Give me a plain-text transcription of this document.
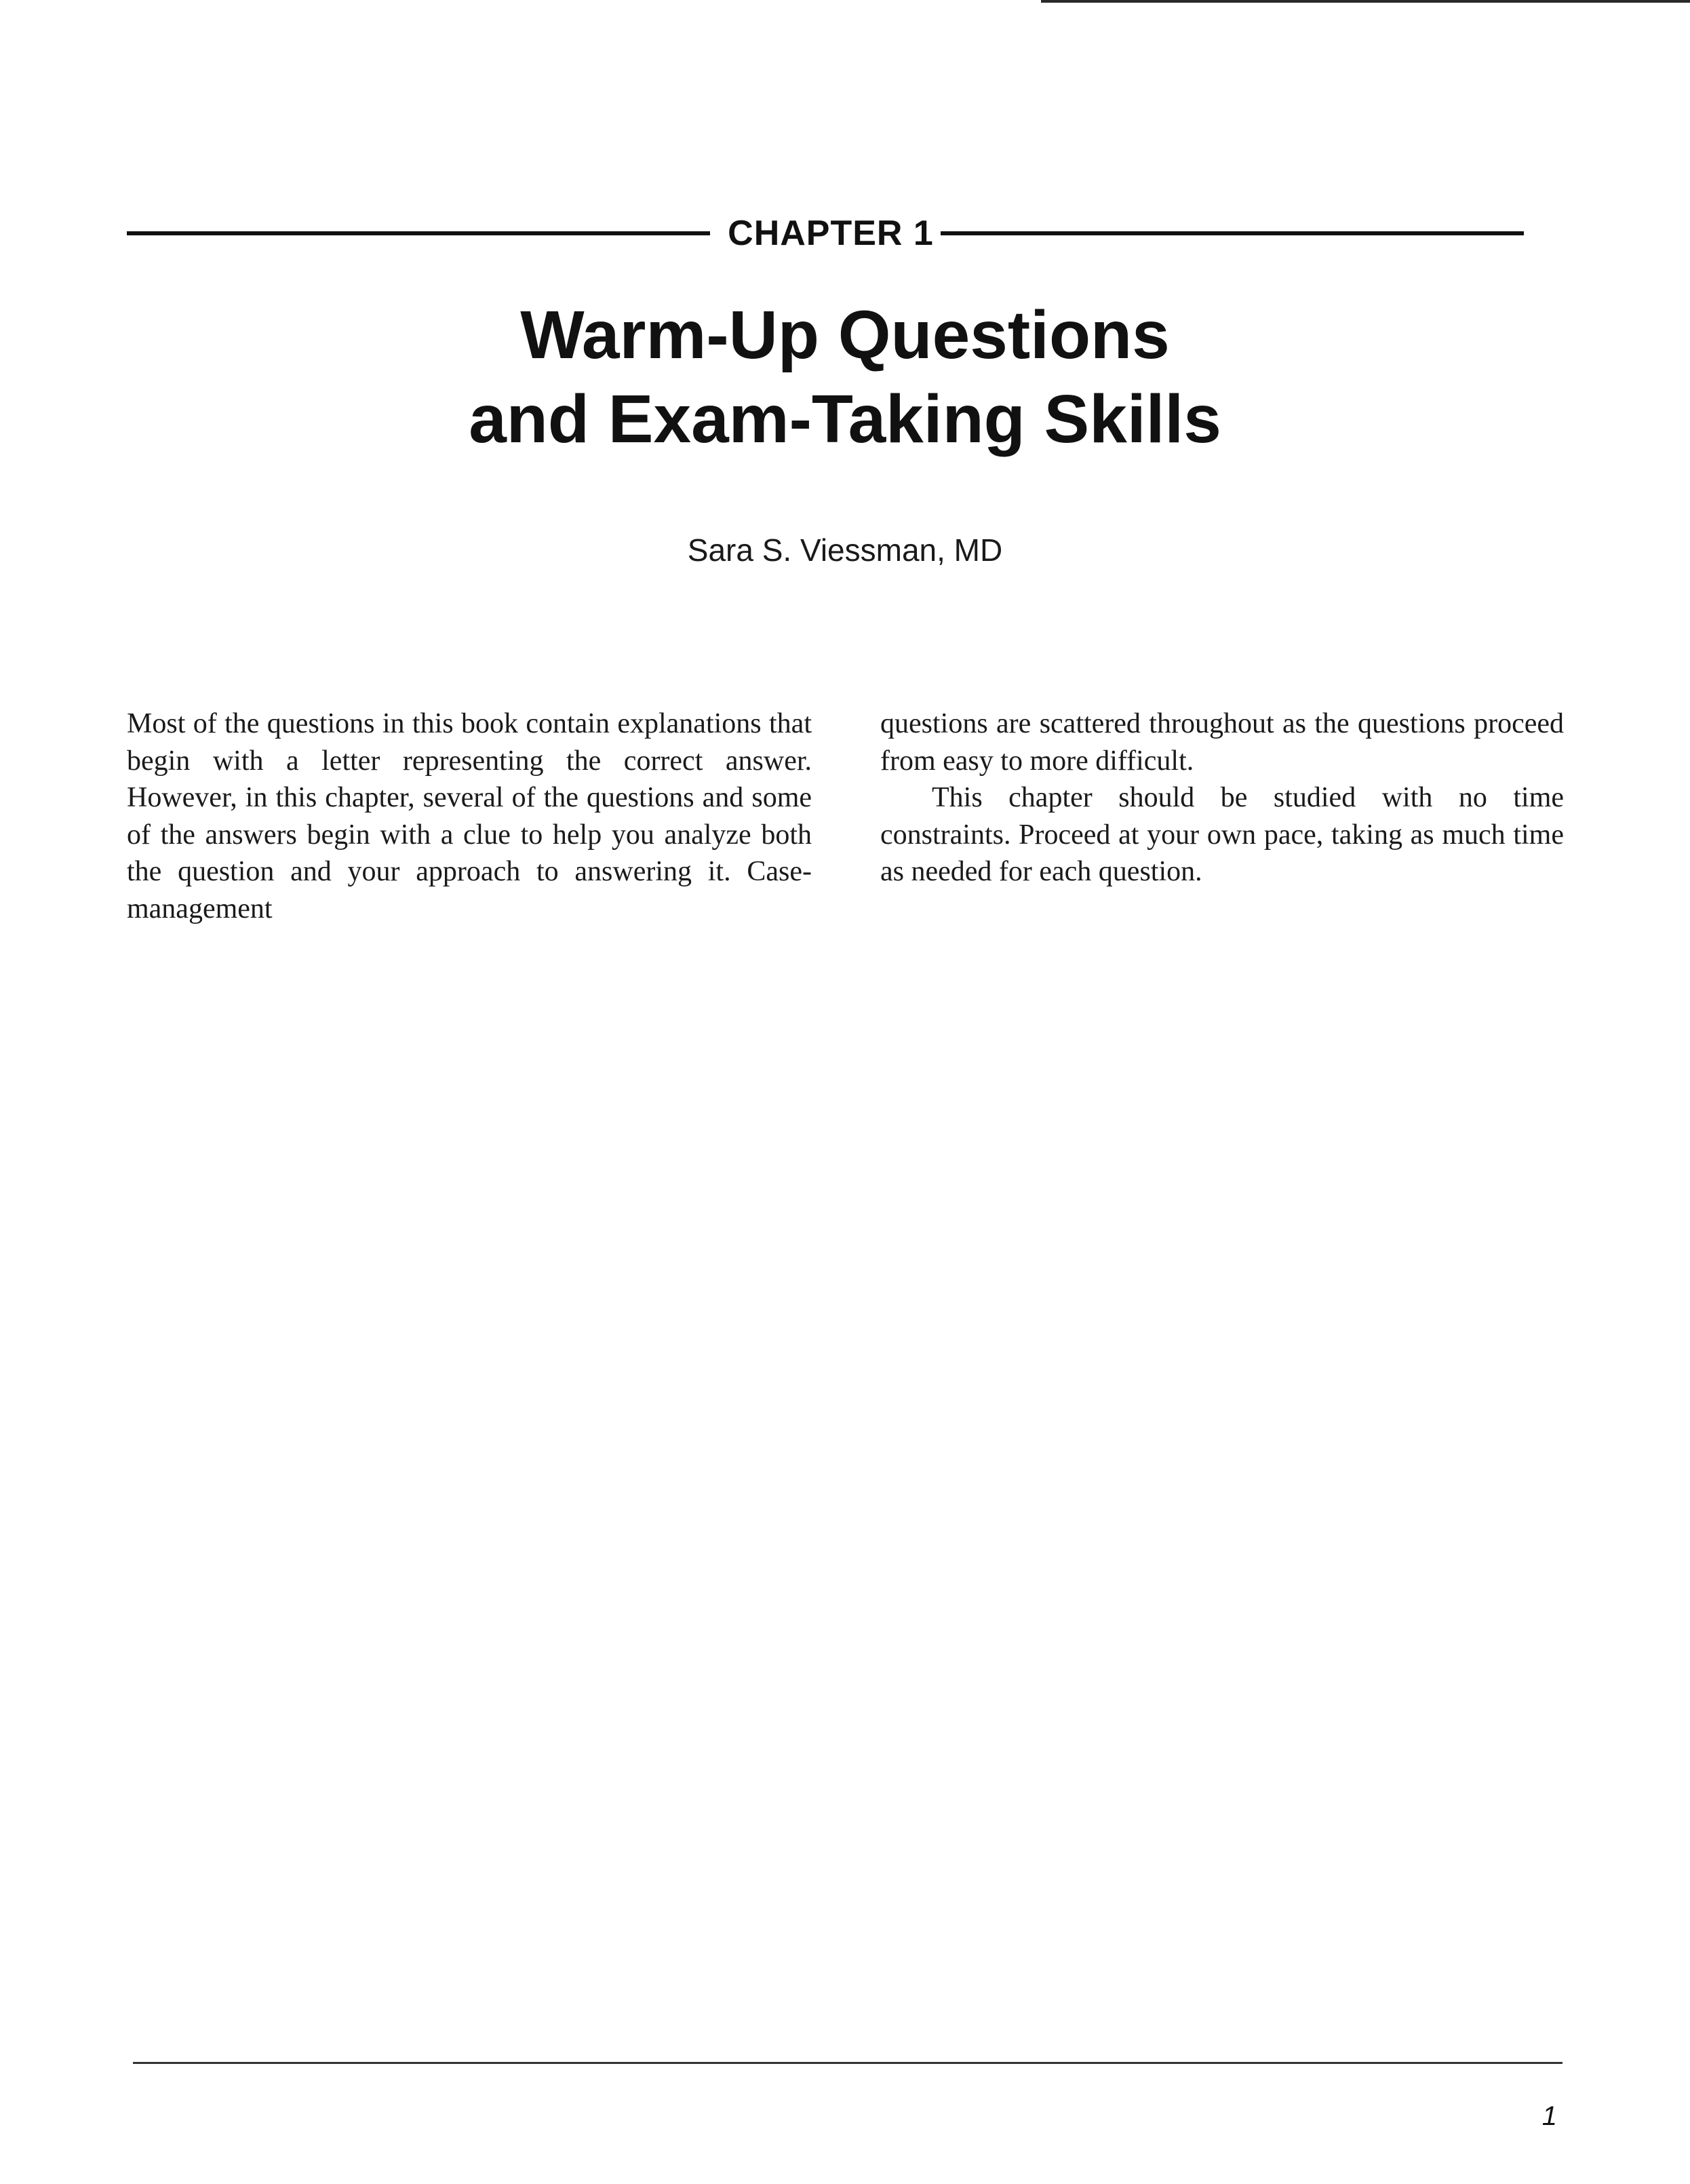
CHAPTER 1
Warm-Up Questions
and Exam-Taking Skills
Sara S. Viessman, MD

Most of the questions in this book contain explanations that begin with a letter representing the correct answer. However, in this chapter, several of the questions and some of the answers begin with a clue to help you analyze both the question and your approach to answering it. Case-management

questions are scattered throughout as the questions proceed from easy to more difficult.

This chapter should be studied with no time constraints. Proceed at your own pace, taking as much time as needed for each question.

1
